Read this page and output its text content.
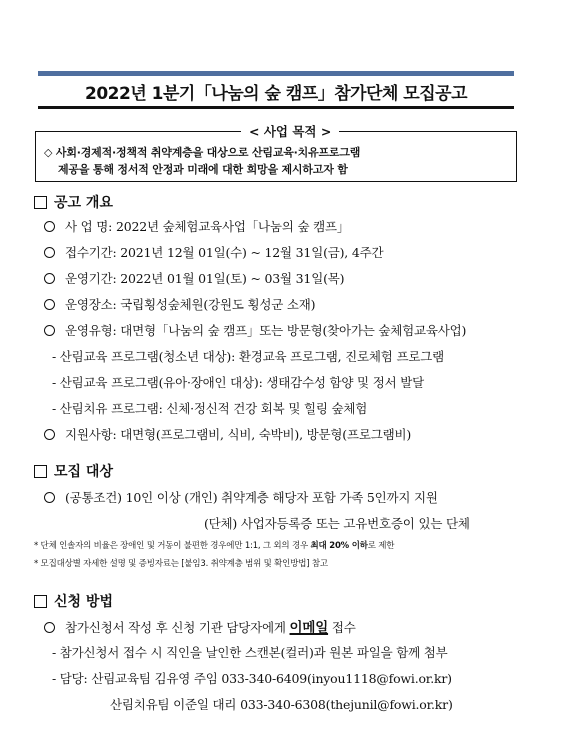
2022년 1분기「나눔의 숲 캠프」참가단체 모집공고
< 사업 목적 >
◇ 사회·경제적·정책적 취약계층을 대상으로 산림교육·치유프로그램
제공을 통해 정서적 안정과 미래에 대한 희망을 제시하고자 함
공고 개요
사 업 명: 2022년 숲체험교육사업「나눔의 숲 캠프」
접수기간: 2021년 12월 01일(수) ~ 12월 31일(금), 4주간
운영기간: 2022년 01월 01일(토) ~ 03월 31일(목)
운영장소: 국립횡성숲체원(강원도 횡성군 소재)
운영유형: 대면형「나눔의 숲 캠프」또는 방문형(찾아가는 숲체험교육사업)
- 산림교육 프로그램(청소년 대상): 환경교육 프로그램, 진로체험 프로그램
- 산림교육 프로그램(유아·장애인 대상): 생태감수성 함양 및 정서 발달
- 산림치유 프로그램: 신체·정신적 건강 회복 및 힐링 숲체험
지원사항: 대면형(프로그램비, 식비, 숙박비), 방문형(프로그램비)
모집 대상
(공통조건) 10인 이상 (개인) 취약계층 해당자 포함 가족 5인까지 지원
(단체) 사업자등록증 또는 고유번호증이 있는 단체
* 단체 인솔자의 비율은 장애인 및 거동이 불편한 경우에만 1:1, 그 외의 경우 최대 20% 이하로 제한
* 모집대상별 자세한 설명 및 증빙자료는 [붙임3. 취약계층 범위 및 확인방법] 참고
신청 방법
참가신청서 작성 후 신청 기관 담당자에게 이메일 접수
- 참가신청서 접수 시 직인을 날인한 스캔본(컬러)과 원본 파일을 함께 첨부
- 담당: 산림교육팀 김유영 주임 033-340-6409(inyou1118@fowi.or.kr)
산림치유팀 이준일 대리 033-340-6308(thejunil@fowi.or.kr)
